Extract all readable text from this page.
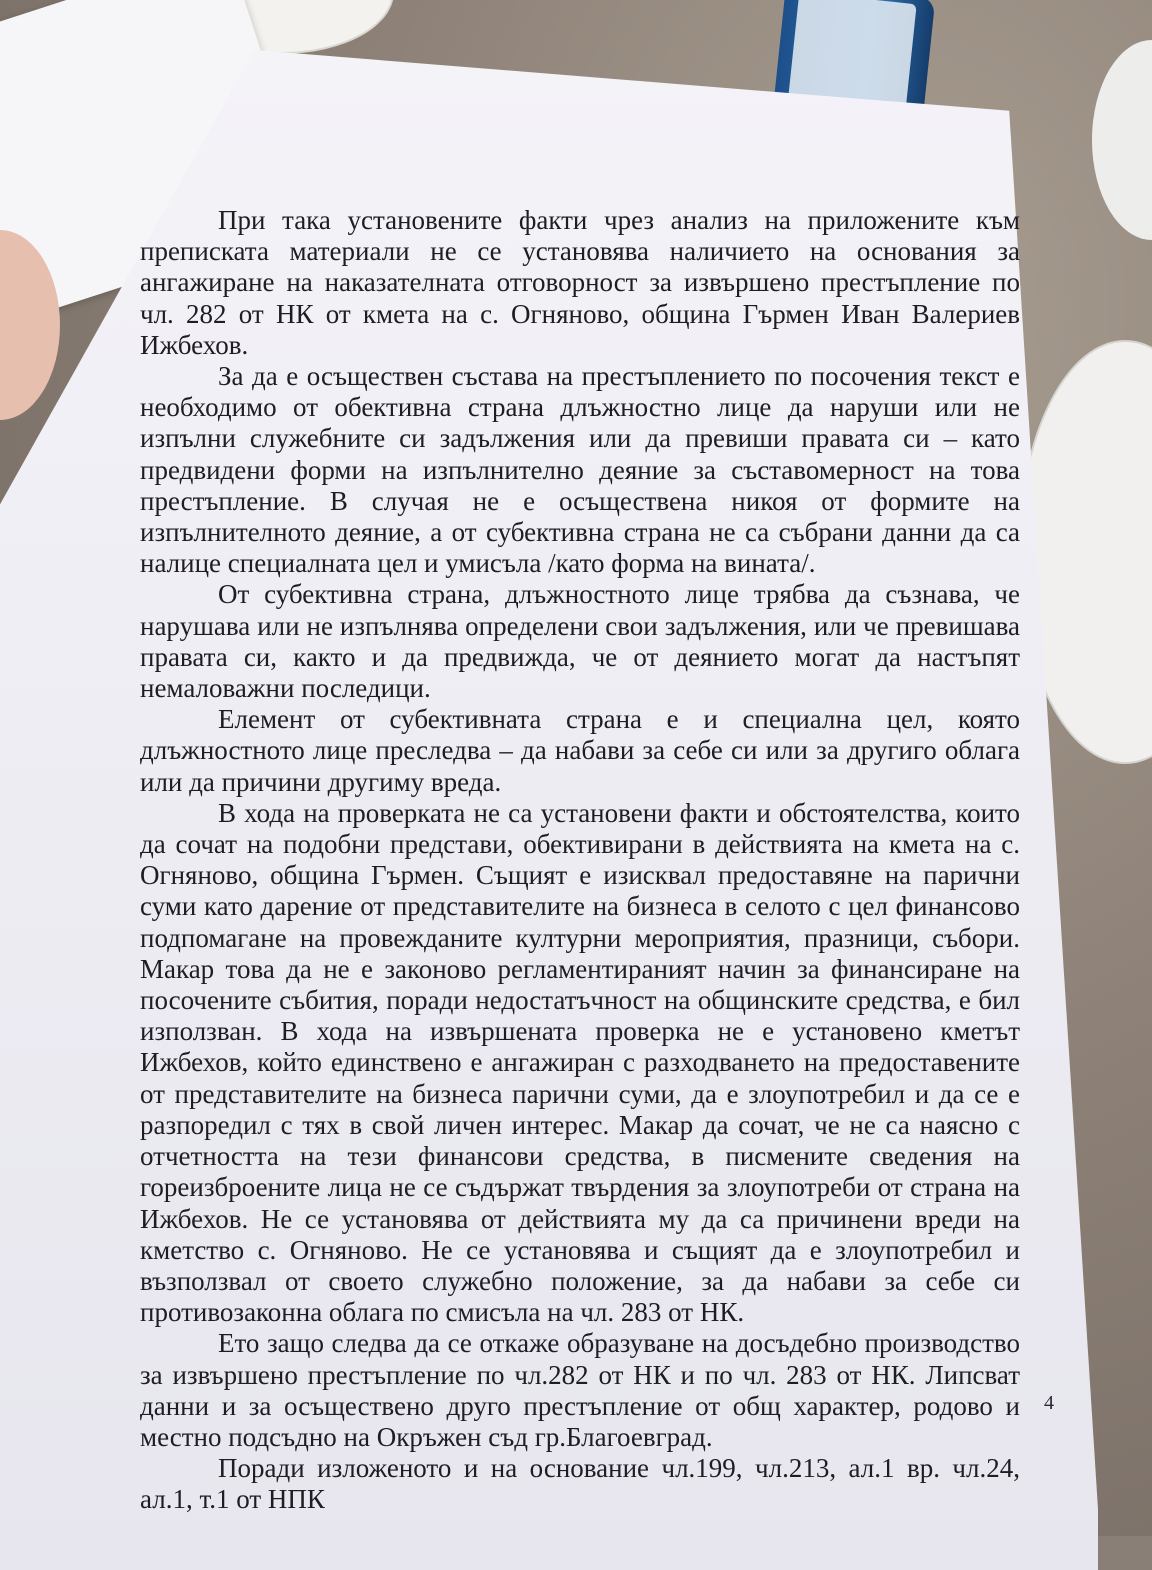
При така установените факти чрез анализ на приложените към преписката материали не се установява наличието на основания за ангажиране на наказателната отговорност за извършено престъпление по чл. 282 от НК от кмета на с. Огняново, община Гърмен Иван Валериев Ижбехов.

За да е осъществен състава на престъплението по посочения текст е необходимо от обективна страна длъжностно лице да наруши или не изпълни служебните си задължения или да превиши правата си – като предвидени форми на изпълнително деяние за съставомерност на това престъпление. В случая не е осъществена никоя от формите на изпълнителното деяние, а от субективна страна не са събрани данни да са налице специалната цел и умисъла /като форма на вината/.

От субективна страна, длъжностното лице трябва да съзнава, че нарушава или не изпълнява определени свои задължения, или че превишава правата си, както и да предвижда, че от деянието могат да настъпят немаловажни последици.

Елемент от субективната страна е и специална цел, която длъжностното лице преследва – да набави за себе си или за другиго облага или да причини другиму вреда.

В хода на проверката не са установени факти и обстоятелства, които да сочат на подобни представи, обективирани в действията на кмета на с. Огняново, община Гърмен. Същият е изисквал предоставяне на парични суми като дарение от представителите на бизнеса в селото с цел финансово подпомагане на провежданите културни мероприятия, празници, събори. Макар това да не е законово регламентираният начин за финансиране на посочените събития, поради недостатъчност на общинските средства, е бил използван. В хода на извършената проверка не е установено кметът Ижбехов, който единствено е ангажиран с разходването на предоставените от представителите на бизнеса парични суми, да е злоупотребил и да се е разпоредил с тях в свой личен интерес. Макар да сочат, че не са наясно с отчетността на тези финансови средства, в писмените сведения на гореизброените лица не се съдържат твърдения за злоупотреби от страна на Ижбехов. Не се установява от действията му да са причинени вреди на кметство с. Огняново. Не се установява и същият да е злоупотребил и възползвал от своето служебно положение, за да набави за себе си противозаконна облага по смисъла на чл. 283 от НК.

Ето защо следва да се откаже образуване на досъдебно производство за извършено престъпление по чл.282 от НК и по чл. 283 от НК. Липсват данни и за осъществено друго престъпление от общ характер, родово и местно подсъдно на Окръжен съд гр.Благоевград.

Поради изложеното и на основание чл.199, чл.213, ал.1 вр. чл.24, ал.1, т.1 от НПК

4
